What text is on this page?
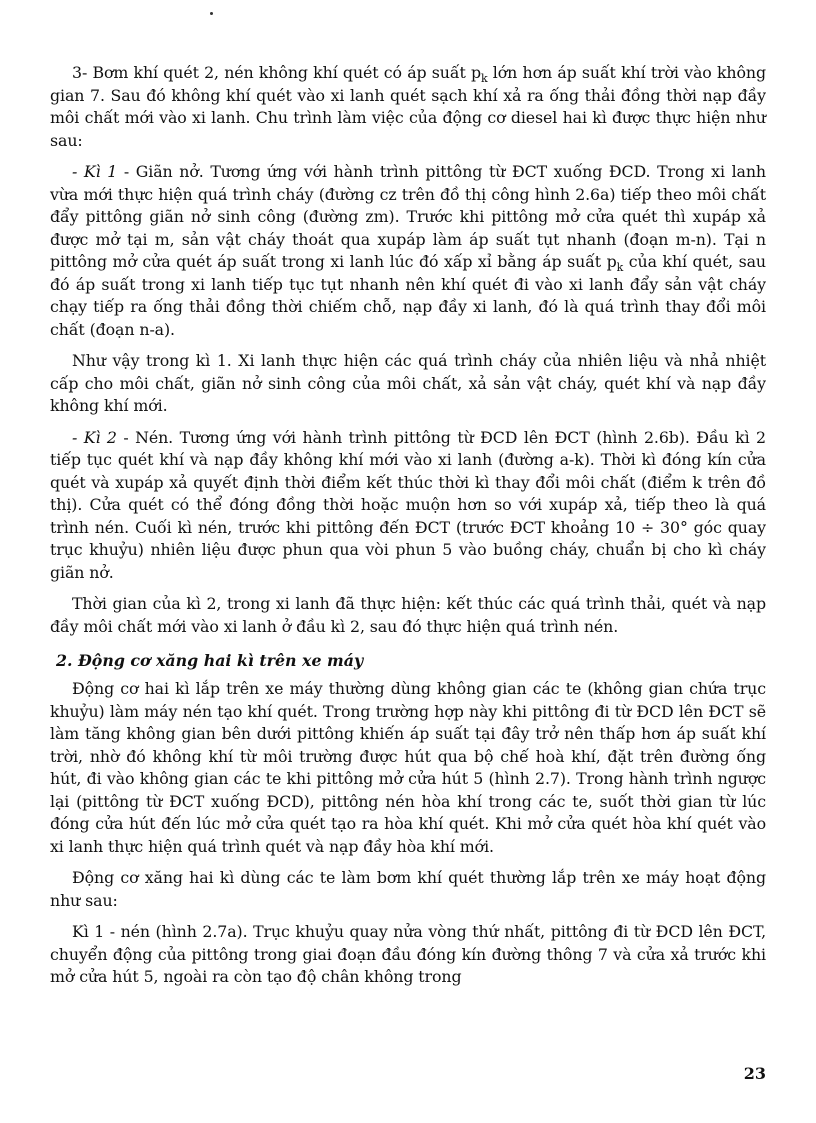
3- Bơm khí quét 2, nén không khí quét có áp suất $p_k$ lớn hơn áp suất khí trời vào không gian 7. Sau đó không khí quét vào xi lanh quét sạch khí xả ra ống thải đồng thời nạp đầy môi chất mới vào xi lanh. Chu trình làm việc của động cơ diesel hai kì được thực hiện như sau:

- Kì 1 - Giãn nở. Tương ứng với hành trình pittông từ ĐCT xuống ĐCD. Trong xi lanh vừa mới thực hiện quá trình cháy (đường cz trên đồ thị công hình 2.6a) tiếp theo môi chất đẩy pittông giãn nở sinh công (đường zm). Trước khi pittông mở cửa quét thì xupáp xả được mở tại m, sản vật cháy thoát qua xupáp làm áp suất tụt nhanh (đoạn m-n). Tại n pittông mở cửa quét áp suất trong xi lanh lúc đó xấp xỉ bằng áp suất $p_k$ của khí quét, sau đó áp suất trong xi lanh tiếp tục tụt nhanh nên khí quét đi vào xi lanh đẩy sản vật cháy chạy tiếp ra ống thải đồng thời chiếm chỗ, nạp đầy xi lanh, đó là quá trình thay đổi môi chất (đoạn n-a).

Như vậy trong kì 1. Xi lanh thực hiện các quá trình cháy của nhiên liệu và nhả nhiệt cấp cho môi chất, giãn nở sinh công của môi chất, xả sản vật cháy, quét khí và nạp đầy không khí mới.

- Kì 2 - Nén. Tương ứng với hành trình pittông từ ĐCD lên ĐCT (hình 2.6b). Đầu kì 2 tiếp tục quét khí và nạp đầy không khí mới vào xi lanh (đường a-k). Thời kì đóng kín cửa quét và xupáp xả quyết định thời điểm kết thúc thời kì thay đổi môi chất (điểm k trên đồ thị). Cửa quét có thể đóng đồng thời hoặc muộn hơn so với xupáp xả, tiếp theo là quá trình nén. Cuối kì nén, trước khi pittông đến ĐCT (trước ĐCT khoảng 10 ÷ 30° góc quay trục khuỷu) nhiên liệu được phun qua vòi phun 5 vào buồng cháy, chuẩn bị cho kì cháy giãn nở.

Thời gian của kì 2, trong xi lanh đã thực hiện: kết thúc các quá trình thải, quét và nạp đầy môi chất mới vào xi lanh ở đầu kì 2, sau đó thực hiện quá trình nén.

2. Động cơ xăng hai kì trên xe máy

Động cơ hai kì lắp trên xe máy thường dùng không gian các te (không gian chứa trục khuỷu) làm máy nén tạo khí quét. Trong trường hợp này khi pittông đi từ ĐCD lên ĐCT sẽ làm tăng không gian bên dưới pittông khiến áp suất tại đây trở nên thấp hơn áp suất khí trời, nhờ đó không khí từ môi trường được hút qua bộ chế hoà khí, đặt trên đường ống hút, đi vào không gian các te khi pittông mở cửa hút 5 (hình 2.7). Trong hành trình ngược lại (pittông từ ĐCT xuống ĐCD), pittông nén hòa khí trong các te, suốt thời gian từ lúc đóng cửa hút đến lúc mở cửa quét tạo ra hòa khí quét. Khi mở cửa quét hòa khí quét vào xi lanh thực hiện quá trình quét và nạp đầy hòa khí mới.

Động cơ xăng hai kì dùng các te làm bơm khí quét thường lắp trên xe máy hoạt động như sau:

Kì 1 - nén (hình 2.7a). Trục khuỷu quay nửa vòng thứ nhất, pittông đi từ ĐCD lên ĐCT, chuyển động của pittông trong giai đoạn đầu đóng kín đường thông 7 và cửa xả trước khi mở cửa hút 5, ngoài ra còn tạo độ chân không trong

23
